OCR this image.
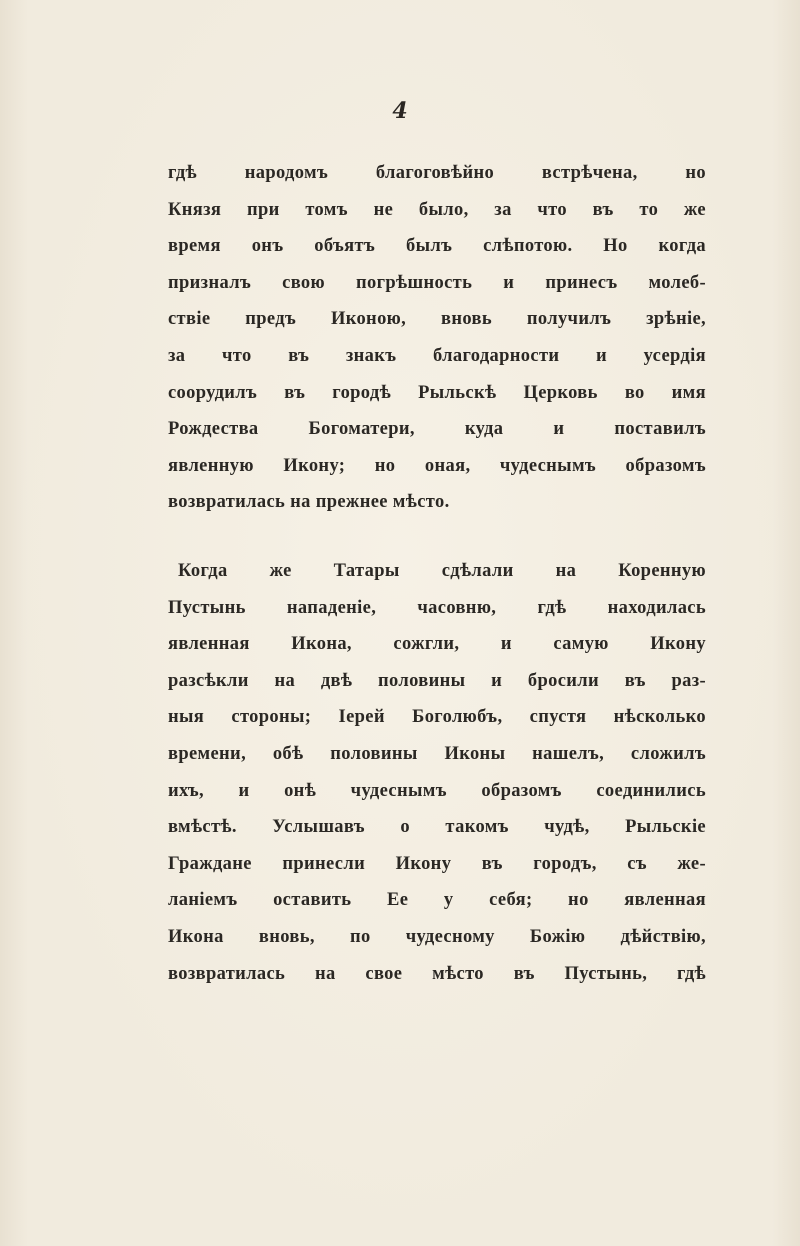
4
гдѣ народомъ благоговѣйно встрѣчена, но
Князя при томъ не было, за что въ то же
время онъ объятъ былъ слѣпотою. Но когда
призналъ свою погрѣшность и принесъ молеб-
ствіе предъ Иконою, вновь получилъ зрѣніе,
за что въ знакъ благодарности и усердія
соорудилъ въ городѣ Рыльскѣ Церковь во имя
Рождества Богоматери, куда и поставилъ
явленную Икону; но оная, чудеснымъ образомъ
возвратилась на прежнее мѣсто.
Когда же Татары сдѣлали на Коренную
Пустынь нападеніе, часовню, гдѣ находилась
явленная Икона, сожгли, и самую Икону
разсѣкли на двѣ половины и бросили въ раз-
ныя стороны; Іерей Боголюбъ, спустя нѣсколько
времени, обѣ половины Иконы нашелъ, сложилъ
ихъ, и онѣ чудеснымъ образомъ соединились
вмѣстѣ. Услышавъ о такомъ чудѣ, Рыльскіе
Граждане принесли Икону въ городъ, съ же-
ланіемъ оставить Ее у себя; но явленная
Икона вновь, по чудесному Божію дѣйствію,
возвратилась на свое мѣсто въ Пустынь, гдѣ
